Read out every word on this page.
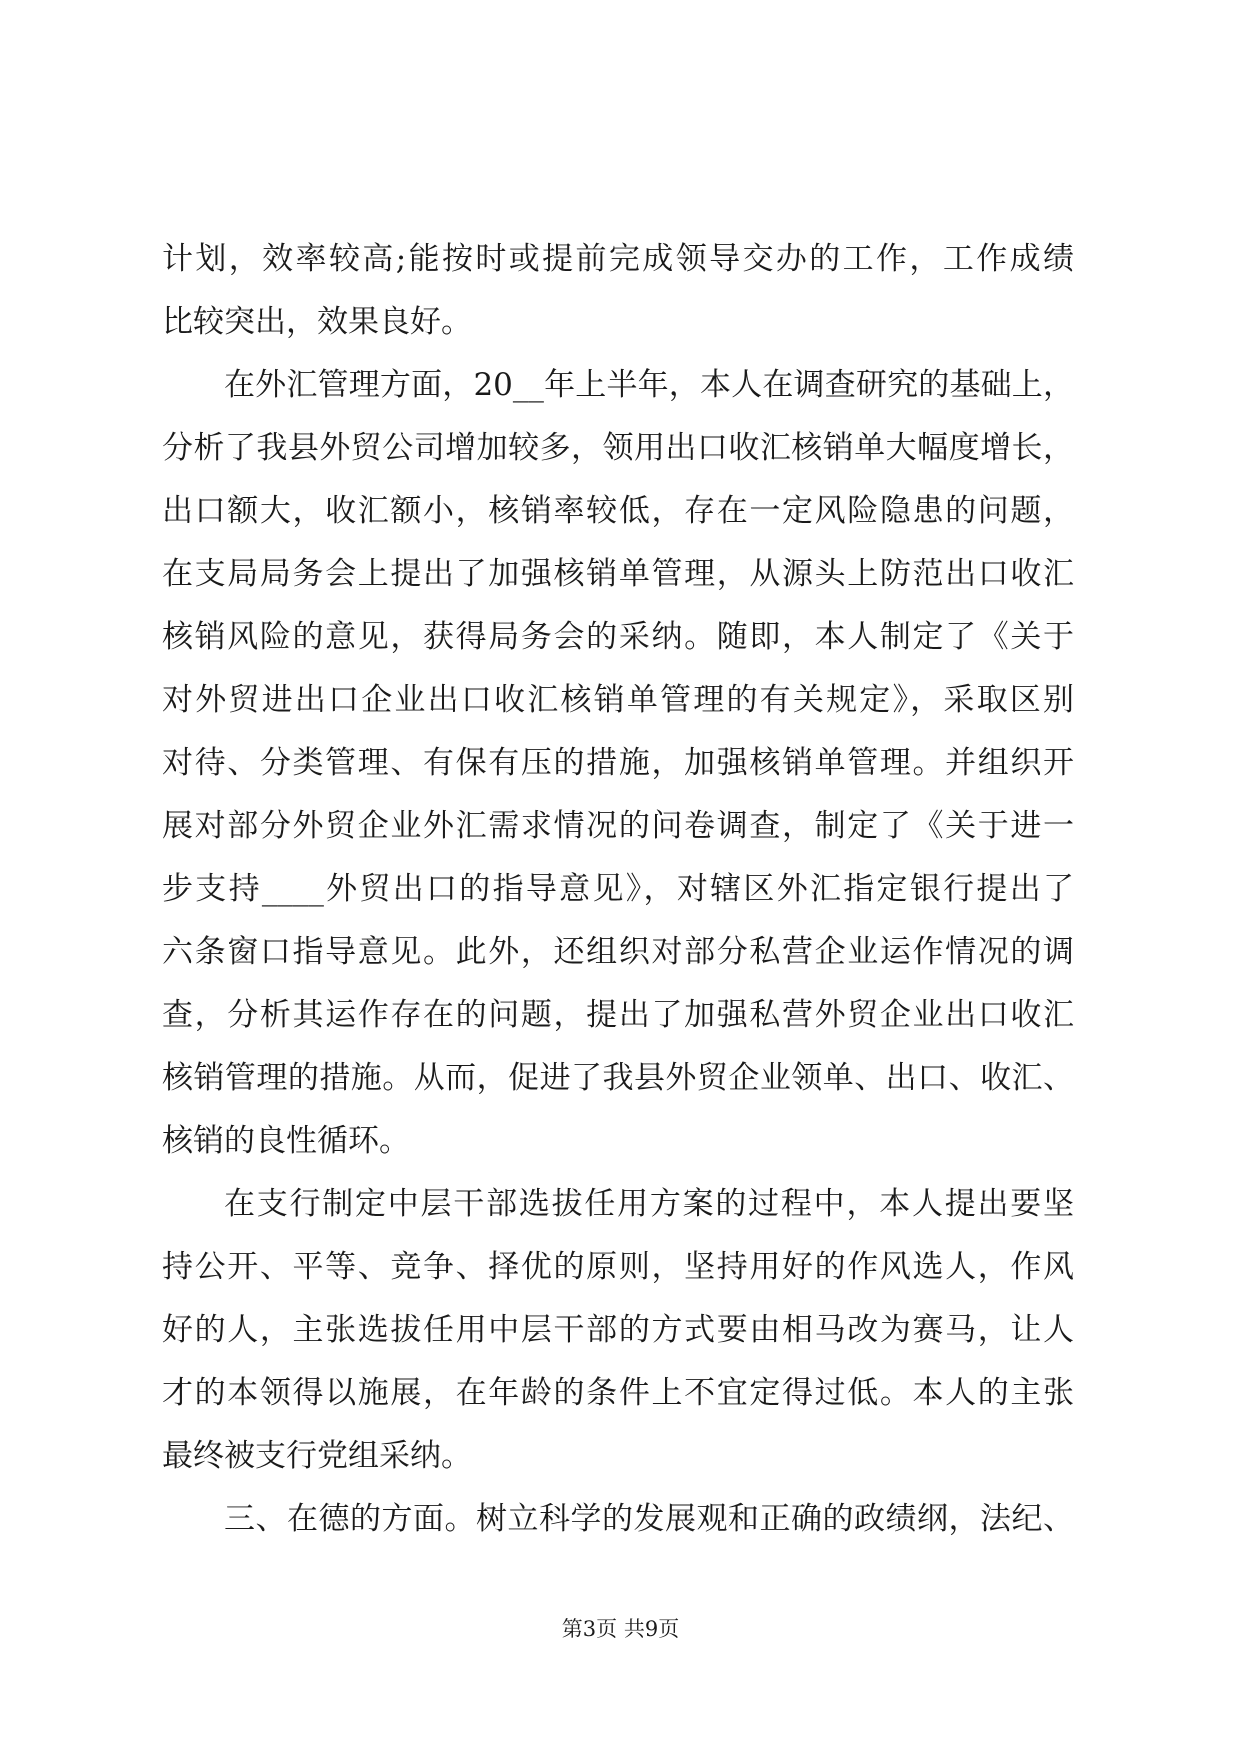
计划，效率较高;能按时或提前完成领导交办的工作，工作成绩
比较突出，效果良好。
在外汇管理方面，20__年上半年，本人在调查研究的基础上，
分析了我县外贸公司增加较多，领用出口收汇核销单大幅度增长，
出口额大，收汇额小，核销率较低，存在一定风险隐患的问题，
在支局局务会上提出了加强核销单管理，从源头上防范出口收汇
核销风险的意见，获得局务会的采纳。随即，本人制定了《关于
对外贸进出口企业出口收汇核销单管理的有关规定》，采取区别
对待、分类管理、有保有压的措施，加强核销单管理。并组织开
展对部分外贸企业外汇需求情况的问卷调查，制定了《关于进一
步支持____外贸出口的指导意见》，对辖区外汇指定银行提出了
六条窗口指导意见。此外，还组织对部分私营企业运作情况的调
查，分析其运作存在的问题，提出了加强私营外贸企业出口收汇
核销管理的措施。从而，促进了我县外贸企业领单、出口、收汇、
核销的良性循环。
在支行制定中层干部选拔任用方案的过程中，本人提出要坚
持公开、平等、竞争、择优的原则，坚持用好的作风选人，作风
好的人，主张选拔任用中层干部的方式要由相马改为赛马，让人
才的本领得以施展，在年龄的条件上不宜定得过低。本人的主张
最终被支行党组采纳。
三、在德的方面。树立科学的发展观和正确的政绩纲，法纪、
第3页 共9页
